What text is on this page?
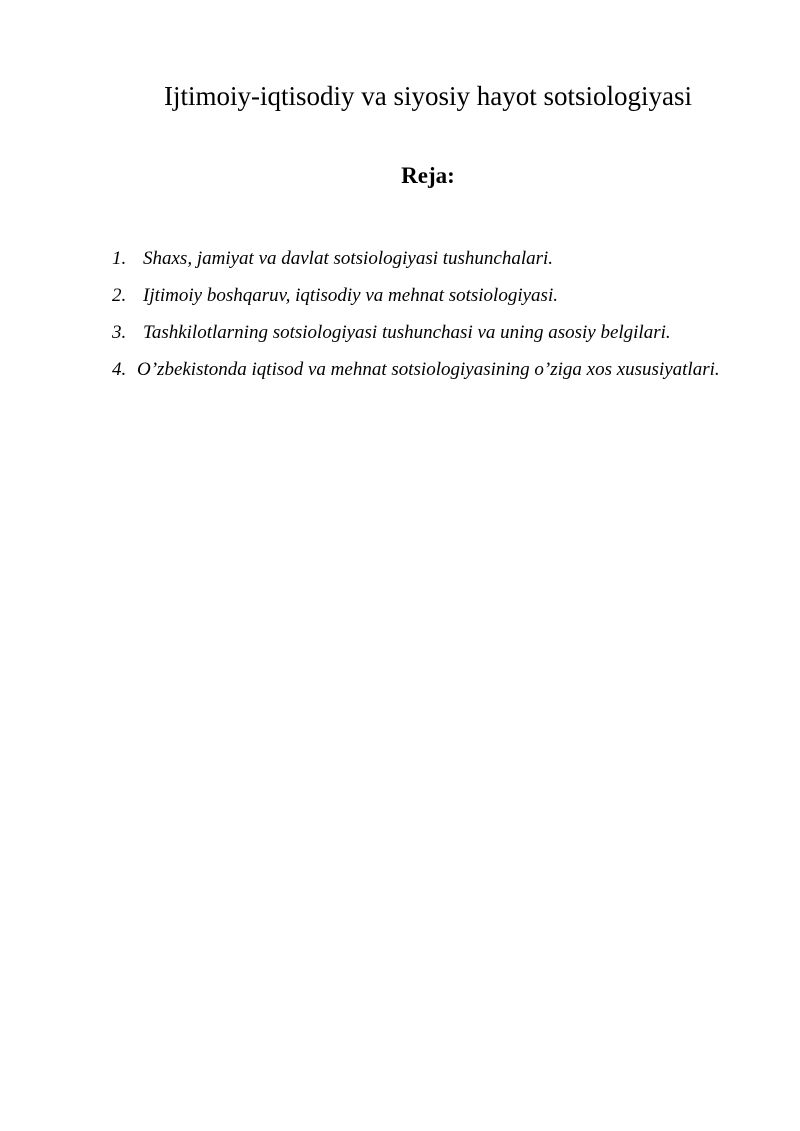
Ijtimoiy-iqtisodiy va siyosiy hayot sotsiologiyasi
Reja:
1. Shaxs, jamiyat va davlat sotsiologiyasi tushunchalari.
2. Ijtimoiy boshqaruv, iqtisodiy va mehnat sotsiologiyasi.
3. Tashkilotlarning sotsiologiyasi tushunchasi va uning asosiy belgilari.
4. O’zbekistonda iqtisod va mehnat sotsiologiyasining o’ziga xos xususiyatlari.
